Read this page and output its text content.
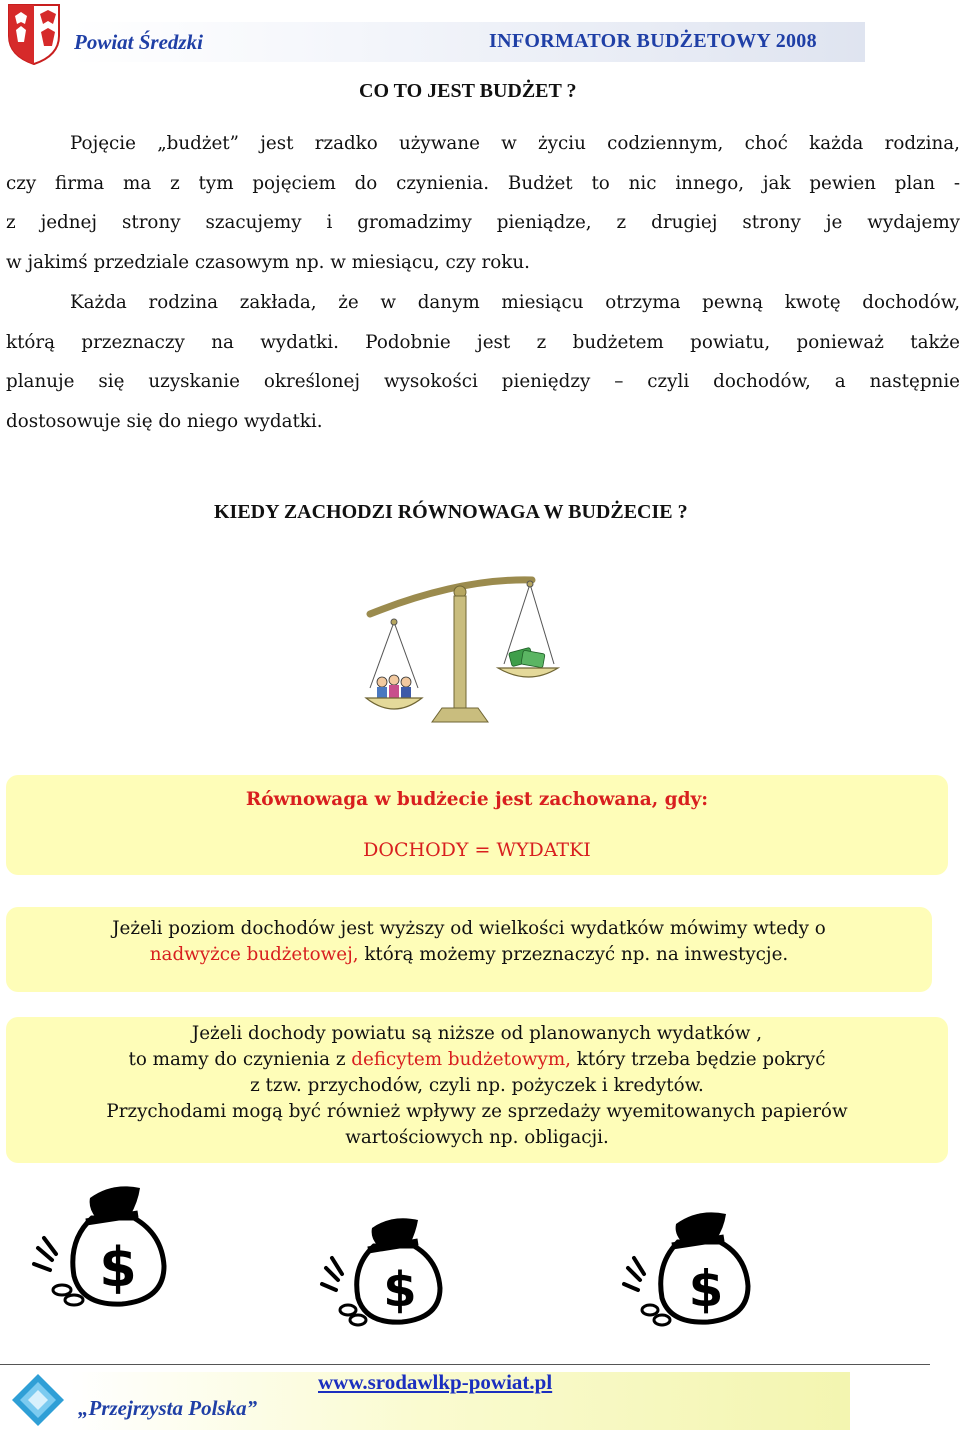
Powiat Średzki	INFORMATOR BUDŻETOWY 2008
CO TO JEST BUDŻET ?
Pojęcie „budżet” jest rzadko używane w życiu codziennym, choć każda rodzina,
czy firma ma z tym pojęciem do czynienia. Budżet to nic innego, jak pewien plan -
z jednej strony szacujemy i gromadzimy pieniądze, z drugiej strony je wydajemy
w jakimś przedziale czasowym np. w miesiącu, czy roku.
Każda rodzina zakłada, że w danym miesiącu otrzyma pewną kwotę dochodów,
którą przeznaczy na wydatki. Podobnie jest z budżetem powiatu, ponieważ także
planuje się uzyskanie określonej wysokości pieniędzy – czyli dochodów, a następnie
dostosowuje się do niego wydatki.
KIEDY ZACHODZI RÓWNOWAGA W BUDŻECIE ?

Równowaga w budżecie jest zachowana, gdy:

DOCHODY = WYDATKI

Jeżeli poziom dochodów jest wyższy od wielkości wydatków mówimy wtedy o
nadwyżce budżetowej, którą możemy przeznaczyć np. na inwestycje.

Jeżeli dochody powiatu są niższe od planowanych wydatków ,
to mamy do czynienia z deficytem budżetowym, który trzeba będzie pokryć
z tzw. przychodów, czyli np. pożyczek i kredytów.
Przychodami mogą być również wpływy ze sprzedaży wyemitowanych papierów
wartościowych np. obligacji.

$	$	$
www.srodawlkp-powiat.pl
„Przejrzysta Polska”
